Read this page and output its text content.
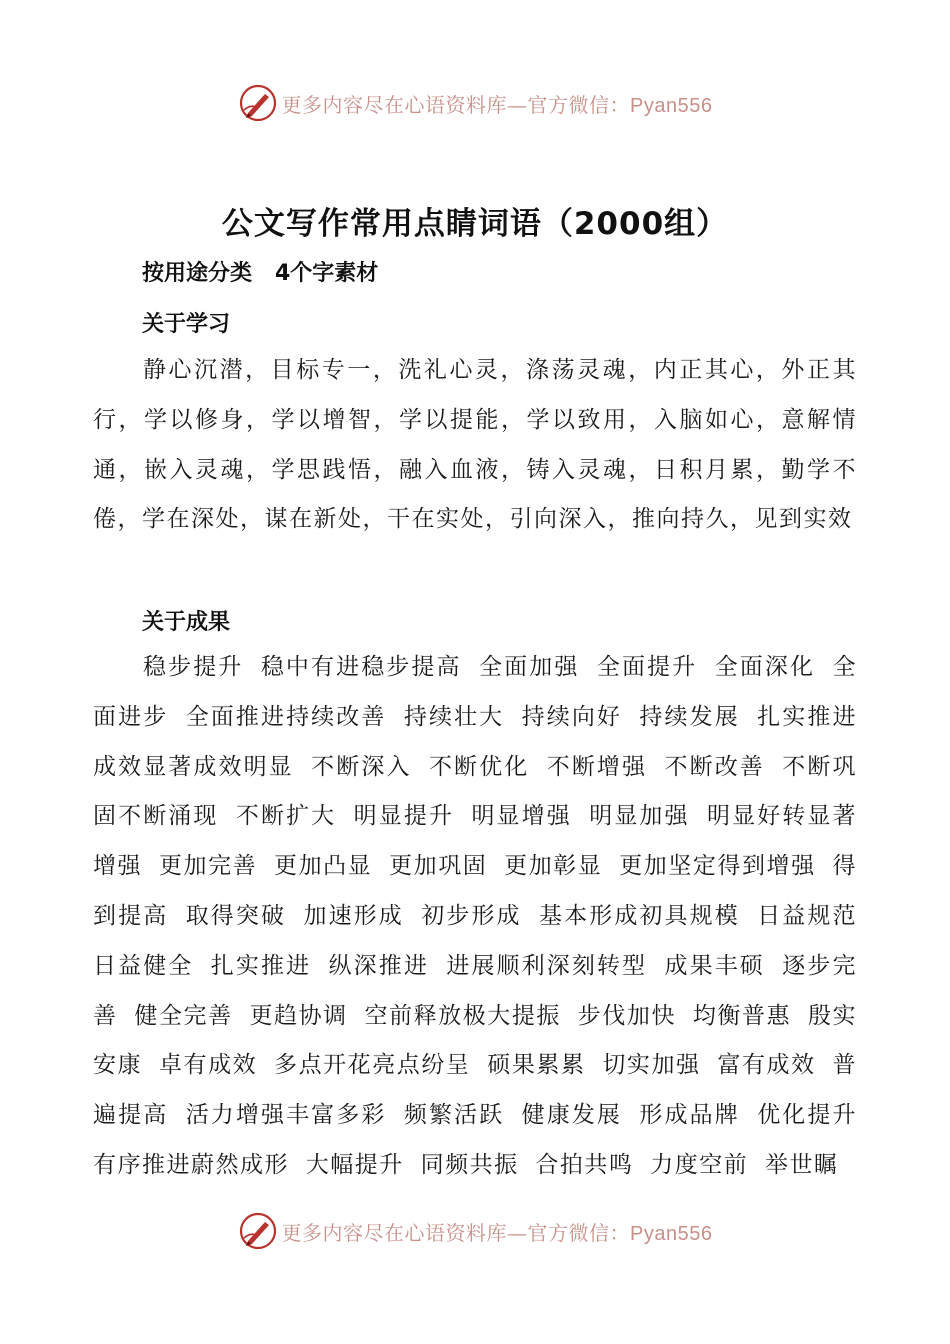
更多内容尽在心语资料库—官方微信：Pyan556
公文写作常用点睛词语（2000组）
按用途分类   4个字素材
关于学习

静心沉潜，目标专一，洗礼心灵，涤荡灵魂，内正其心，外正其行，学以修身，学以增智，学以提能，学以致用，入脑如心，意解情通，嵌入灵魂，学思践悟，融入血液，铸入灵魂，日积月累，勤学不倦，学在深处，谋在新处，干在实处，引向深入，推向持久，见到实效

关于成果

稳步提升 稳中有进稳步提高 全面加强 全面提升 全面深化 全面进步 全面推进持续改善 持续壮大 持续向好 持续发展 扎实推进成效显著成效明显 不断深入 不断优化 不断增强 不断改善 不断巩固不断涌现 不断扩大 明显提升 明显增强 明显加强 明显好转显著增强 更加完善 更加凸显 更加巩固 更加彰显 更加坚定得到增强 得到提高 取得突破 加速形成 初步形成 基本形成初具规模 日益规范日益健全 扎实推进 纵深推进 进展顺利深刻转型 成果丰硕 逐步完善 健全完善 更趋协调 空前释放极大提振 步伐加快 均衡普惠 殷实安康 卓有成效 多点开花亮点纷呈 硕果累累 切实加强 富有成效 普遍提高 活力增强丰富多彩 频繁活跃 健康发展 形成品牌 优化提升有序推进蔚然成形 大幅提升 同频共振 合拍共鸣 力度空前 举世瞩

更多内容尽在心语资料库—官方微信：Pyan556
